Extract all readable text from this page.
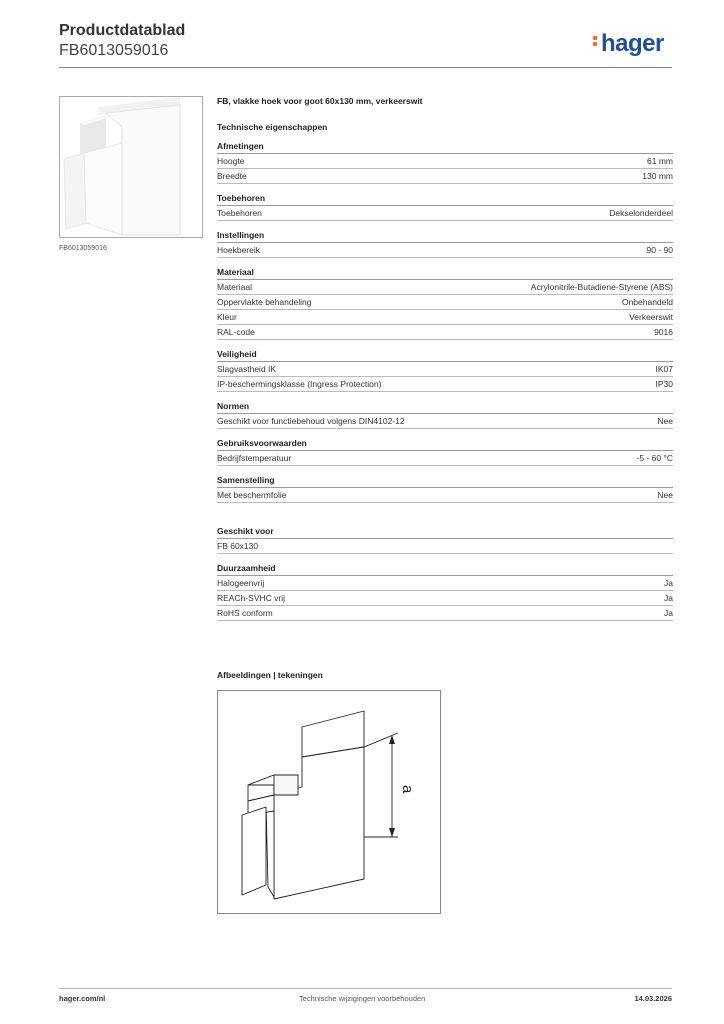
Productdatablad
FB6013059016	hager
FB6013059016
FB, vlakke hoek voor goot 60x130 mm, verkeerswit
Technische eigenschappen
Afmetingen
Hoogte	61 mm
Breedte	130 mm
Toebehoren
Toebehoren	Dekselonderdeel
Instellingen
Hoekbereik	90 - 90
Materiaal
Materiaal	Acrylonitrile-Butadiene-Styrene (ABS)
Oppervlakte behandeling	Onbehandeld
Kleur	Verkeerswit
RAL-code	9016
Veiligheid
Slagvastheid IK	IK07
IP-beschermingsklasse (Ingress Protection)	IP30
Normen
Geschikt voor functiebehoud volgens DIN4102-12	Nee
Gebruiksvoorwaarden
Bedrijfstemperatuur	-5 - 60 °C
Samenstelling
Met beschermfolie	Nee
Geschikt voor
FB 60x130
Duurzaamheid
Halogeenvrij	Ja
REACh-SVHC vrij	Ja
RoHS conform	Ja
Afbeeldingen | tekeningen
a
hager.com/nl	Technische wijzigingen voorbehouden	14.03.2026
